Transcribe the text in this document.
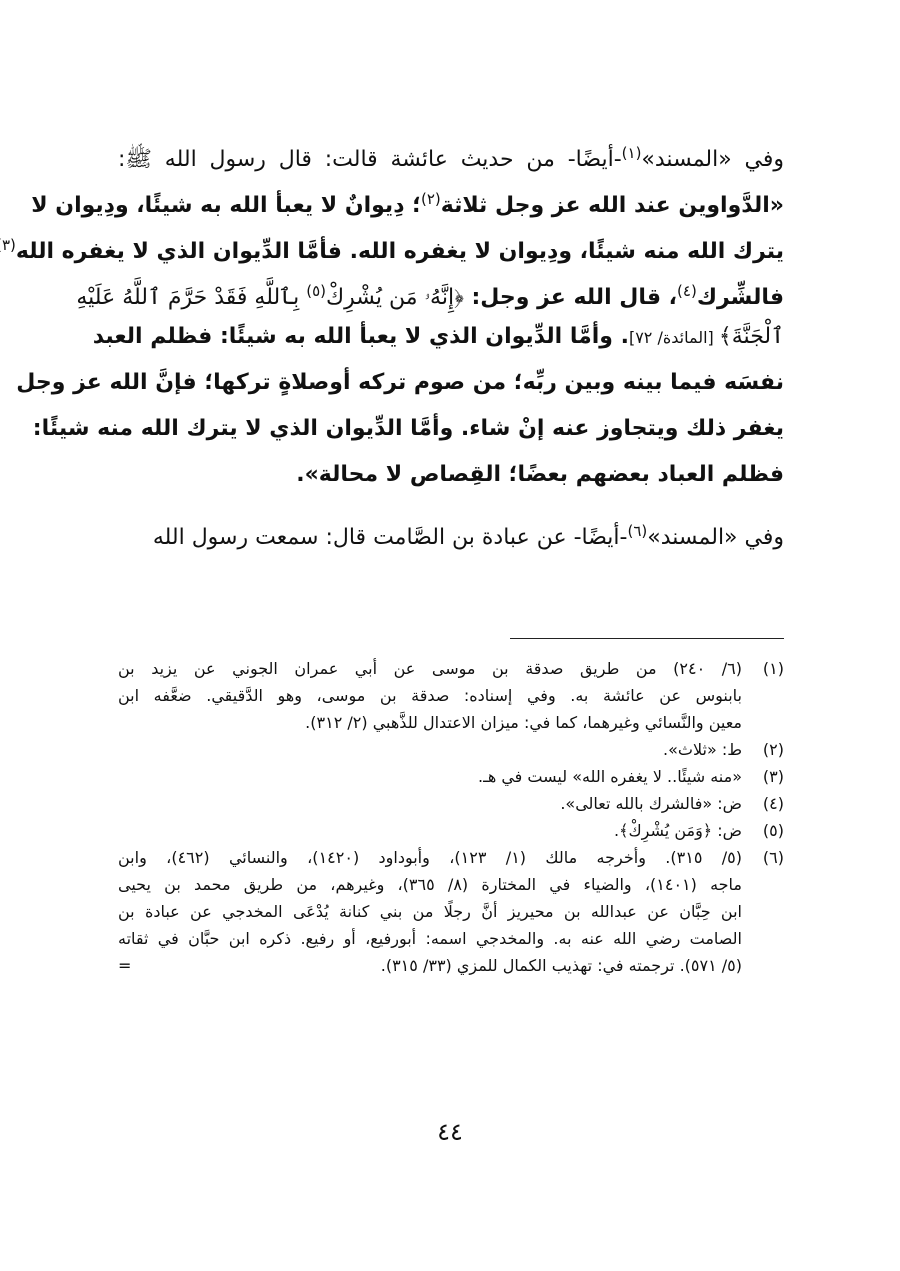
وفي «المسند»$^{(١)}$-أيضًا- من حديث عائشة قالت: قال رسول الله ﷺ:
«الدَّواوين عند الله عز وجل ثلاثة$^{(٢)}$؛ دِيوانٌ لا يعبأ الله به شيئًا، ودِيوان لا
يترك الله منه شيئًا، ودِيوان لا يغفره الله. فأمَّا الدِّيوان الذي لا يغفره الله$^{(٣}$
فالشِّرك$^{(٤)}$، قال الله عز وجل: ﴿إِنَّهُۥ مَن يُشْرِكْ$^{(٥)}$ بِٱللَّهِ فَقَدْ حَرَّمَ ٱللَّهُ عَلَيْهِ
ٱلْجَنَّةَ﴾ [المائدة/ ٧٢]. وأمَّا الدِّيوان الذي لا يعبأ الله به شيئًا: فظلم العبد
نفسَه فيما بينه وبين ربِّه؛ من صوم تركه أوصلاةٍ تركها؛ فإنَّ الله عز وجل
يغفر ذلك ويتجاوز عنه إنْ شاء. وأمَّا الدِّيوان الذي لا يترك الله منه شيئًا:
فظلم العباد بعضهم بعضًا؛ القِصاص لا محالة».
وفي «المسند»$^{(٦)}$-أيضًا- عن عبادة بن الصَّامت قال: سمعت رسول الله
(١)
(٦/ ٢٤٠) من طريق صدقة بن موسى عن أبي عمران الجوني عن يزيد بن
بابنوس عن عائشة به. وفي إسناده: صدقة بن موسى، وهو الدَّقيقي. ضعَّفه ابن
معين والنَّسائي وغيرهما، كما في: ميزان الاعتدال للذَّهبي (٢/ ٣١٢).
(٢)
ط: «ثلاث».
(٣)
«منه شيئًا.. لا يغفره الله» ليست في هـ.
(٤)
ض: «فالشرك بالله تعالى».
(٥)
ض: ﴿وَمَن يُشْرِكْ﴾.
(٦)
(٥/ ٣١٥). وأخرجه مالك (١/ ١٢٣)، وأبوداود (١٤٢٠)، والنسائي (٤٦٢)، وابن
ماجه (١٤٠١)، والضياء في المختارة (٨/ ٣٦٥)، وغيرهم، من طريق محمد بن يحيى
ابن حِبَّان عن عبدالله بن محيريز أنَّ رجلًا من بني كنانة يُدْعَى المخدجي عن عبادة بن
الصامت رضي الله عنه به. والمخدجي اسمه: أبورفيع، أو رفيع. ذكره ابن حبَّان في ثقاته
(٥/ ٥٧١). ترجمته في: تهذيب الكمال للمزي (٣٣/ ٣١٥).
=
٤٤
